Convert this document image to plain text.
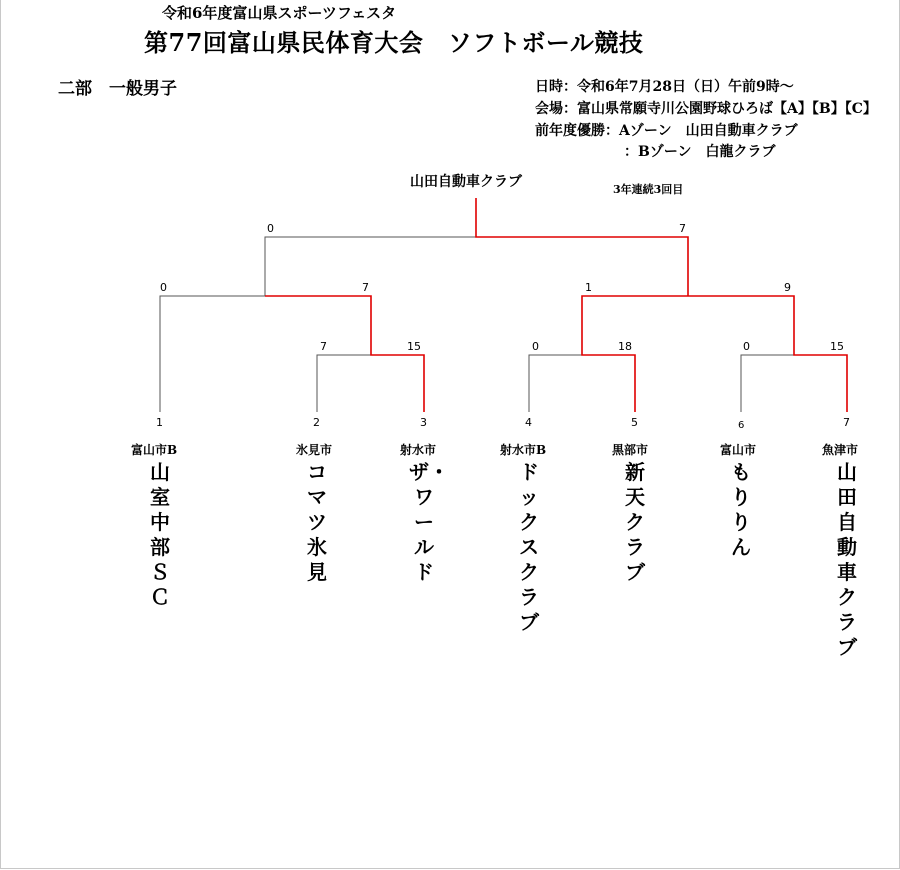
令和6年度富山県スポーツフェスタ
第77回富山県民体育大会　ソフトボール競技
二部　一般男子	日時：令和6年7月28日（日）午前9時～
会場：富山県常願寺川公園野球ひろば【A】【B】【C】
前年度優勝：Aゾーン　山田自動車クラブ
：Bゾーン　白龍クラブ
山田自動車クラブ	3年連続3回目
0	7
0	7	1	9
7	15	0	18	0	15
1	2	3	4	5	6	7
富山市B	氷見市	射水市	射水市B	黒部市	富山市	魚津市
山室中部ＳＣ
コマツ氷見
ザ・ワールド
ドックスクラブ
新天クラブ
もりりん
山田自動車クラブ
